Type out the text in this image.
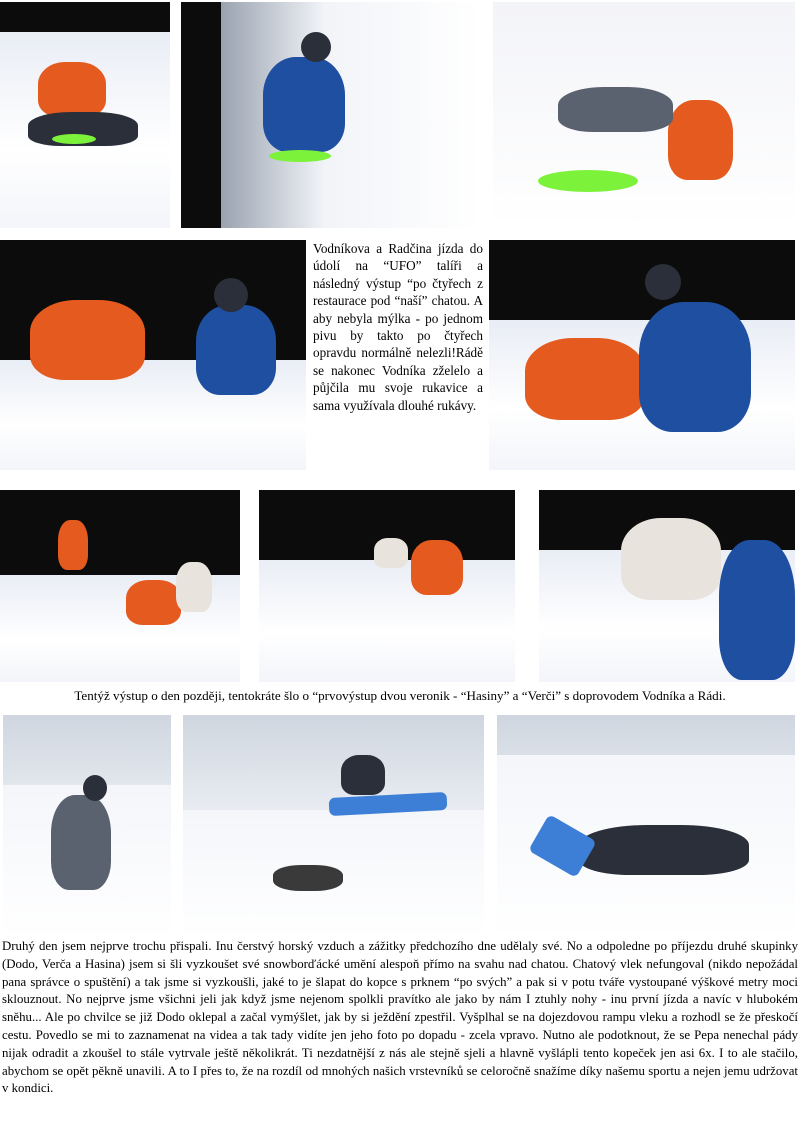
Vodníkova a Radčina jízda do údolí na “UFO” talíři a následný výstup “po čtyřech z restaurace pod “naší” chatou. A aby nebyla mýlka - po jednom pivu by takto po čtyřech opravdu normálně nelezli!Rádě se nakonec Vodníka zželelo a půjčila mu svoje rukavice a sama využívala dlouhé rukávy.

Tentýž výstup o den později, tentokráte šlo o “prvovýstup dvou veronik - “Hasiny” a “Verči” s doprovodem Vodníka a Rádi.

Druhý den jsem nejprve trochu přispali. Inu čerstvý horský vzduch a zážitky předchozího dne udělaly své. No a odpoledne po příjezdu druhé skupinky (Dodo, Verča a Hasina) jsem si šli vyzkoušet své snowborďácké umění alespoň přímo na svahu nad chatou. Chatový vlek nefungoval (nikdo nepožádal pana správce o spuštění) a tak jsme si vyzkoušli, jaké to je šlapat do kopce s prknem “po svých” a pak si v potu tváře vystoupané výškové metry moci sklouznout. No nejprve jsme všichni jeli jak když jsme nejenom spolkli pravítko ale jako by nám I ztuhly nohy - inu první jízda a navíc v hlubokém sněhu... Ale po chvilce se již Dodo oklepal a začal vymýšlet, jak by si ježdění zpestřil. Vyšplhal se na dojezdovou rampu vleku a rozhodl se že přeskočí cestu. Povedlo se mi to zaznamenat na videa a tak tady vidíte jen jeho foto po dopadu - zcela vpravo. Nutno ale podotknout, že se Pepa nenechal pády nijak odradit a zkoušel to stále vytrvale ještě několikrát. Ti nezdatnější z nás ale stejně sjeli a hlavně vyšlápli tento kopeček jen asi 6x. I to ale stačilo, abychom se opět pěkně unavili. A to I přes to, že na rozdíl od mnohých našich vrstevníků se celoročně snažíme díky našemu sportu a nejen jemu udržovat v kondici.
